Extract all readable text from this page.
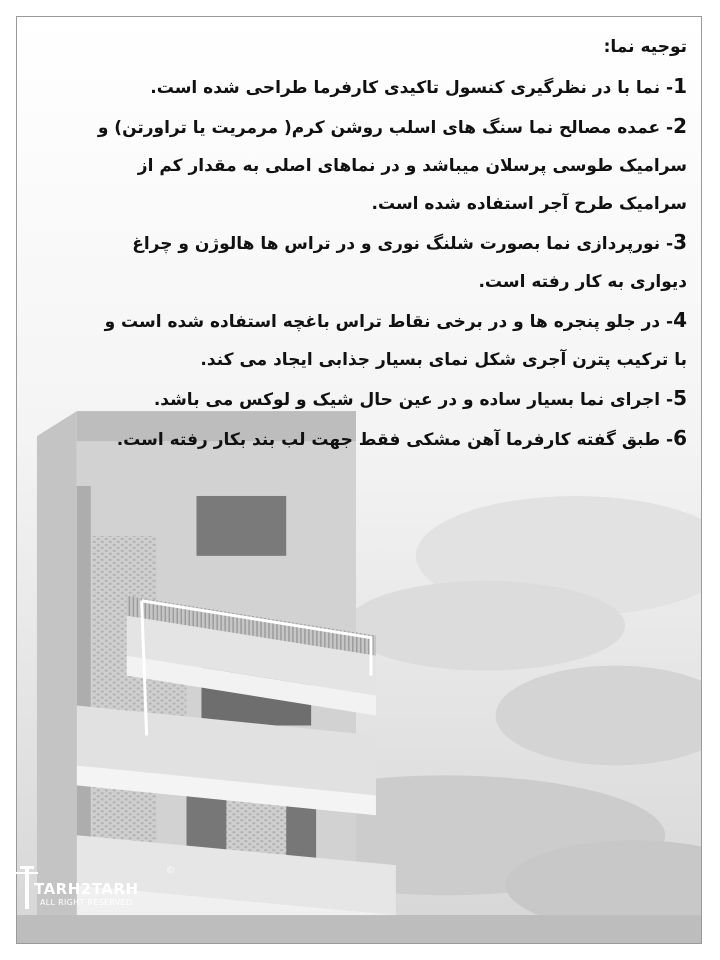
توجیه نما:

1- نما با در نظرگیری کنسول تاکیدی کارفرما طراحی شده است.

2- عمده مصالح نما سنگ های اسلب روشن کرم( مرمریت یا تراورتن) و سرامیک طوسی پرسلان میباشد و در نماهای اصلی به مقدار کم از سرامیک طرح آجر استفاده شده است.

3- نورپردازی نما بصورت شلنگ نوری و در تراس ها هالوژن و چراغ دیواری به کار رفته است.

4- در جلو پنجره ها و در برخی نقاط تراس باغچه استفاده شده است و با ترکیب پترن آجری شکل نمای بسیار جذابی ایجاد می کند.

5- اجرای نما بسیار ساده و در عین حال شیک و لوکس می باشد.

6- طبق گفته کارفرما آهن مشکی فقط جهت لب بند بکار رفته است.

TARH2TARH
©
ALL RIGHT RESERVED
